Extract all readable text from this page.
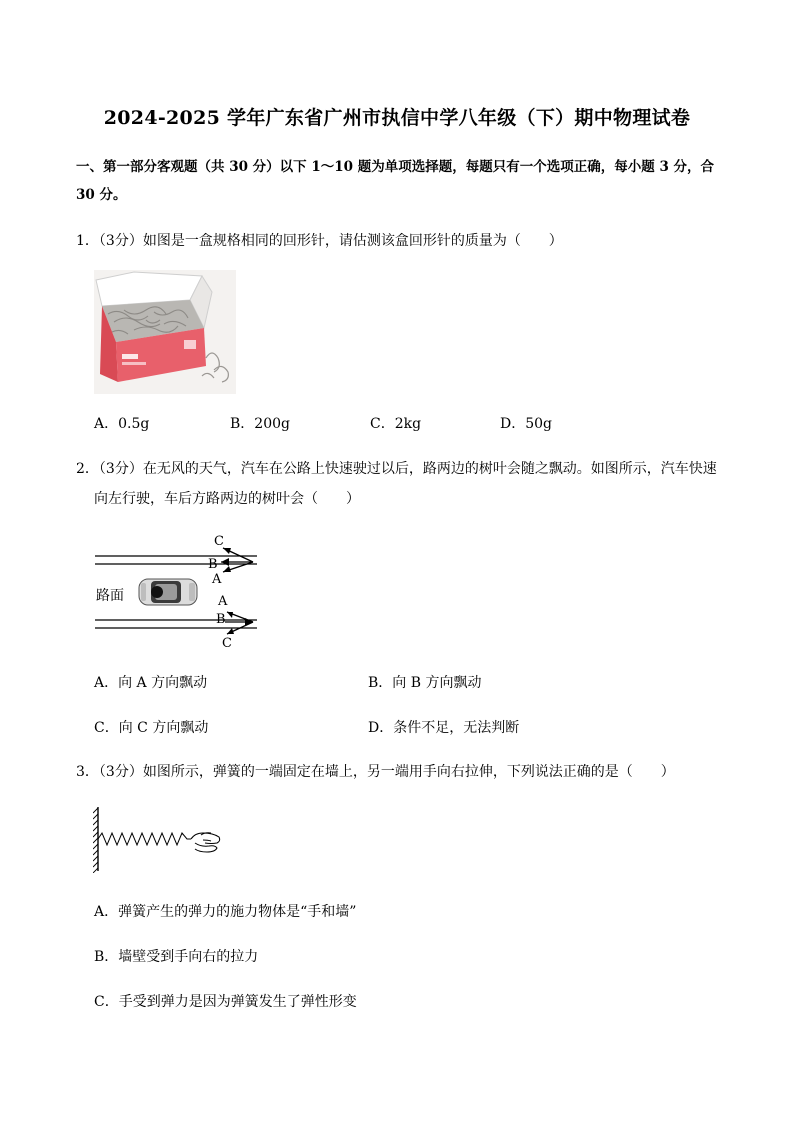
2024-2025 学年广东省广州市执信中学八年级（下）期中物理试卷
一、第一部分客观题（共 30 分）以下 1～10 题为单项选择题，每题只有一个选项正确，每小题 3 分，合 30 分。
1．（3分）如图是一盒规格相同的回形针，请估测该盒回形针的质量为（　　）
A．0.5g	B．200g	C．2kg	D．50g
2．（3分）在无风的天气，汽车在公路上快速驶过以后，路两边的树叶会随之飘动。如图所示，汽车快速
向左行驶，车后方路两边的树叶会（　　）
路面
C
B
A
A
B
C
A．向 A 方向飘动	B．向 B 方向飘动
C．向 C 方向飘动	D．条件不足，无法判断
3．（3分）如图所示，弹簧的一端固定在墙上，另一端用手向右拉伸，下列说法正确的是（　　）
A．弹簧产生的弹力的施力物体是“手和墙”
B．墙壁受到手向右的拉力
C．手受到弹力是因为弹簧发生了弹性形变
